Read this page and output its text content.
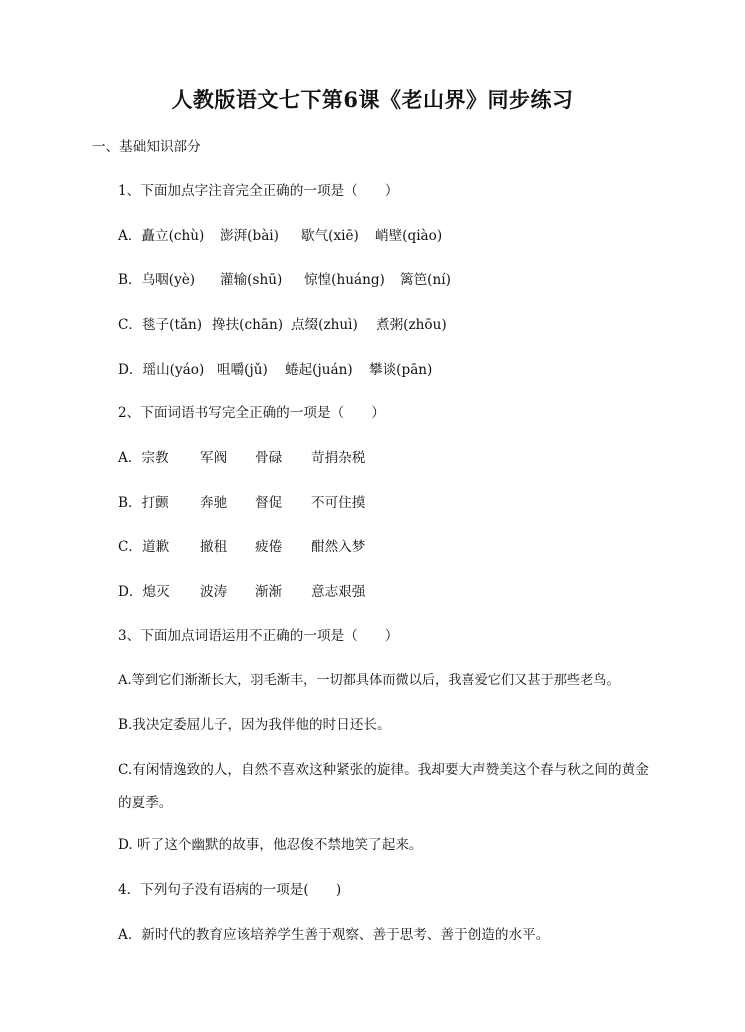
人教版语文七下第6课《老山界》同步练习
一、基础知识部分
1、下面加点字注音完全正确的一项是（　　）
A．矗立(chù) 澎湃(bài) 歇气(xiē) 峭壁(qiào)
B．乌咽(yè) 灌输(shū) 惊惶(huáng) 篱笆(ní)
C．毯子(tǎn) 搀扶(chān) 点缀(zhuì) 煮粥(zhōu)
D．瑶山(yáo) 咀嚼(jǔ) 蜷起(juán) 攀谈(pān)
2、下面词语书写完全正确的一项是（　　）
A．宗教 军阀 骨碌 苛捐杂税
B．打颤 奔驰 督促 不可住摸
C．道歉 撤租 疲倦 酣然入梦
D．熄灭 波涛 渐渐 意志艰强
3、下面加点词语运用不正确的一项是（　　）
A.等到它们渐渐长大，羽毛渐丰，一切都具体而微以后，我喜爱它们又甚于那些老鸟。
B.我决定委屈儿子，因为我伴他的时日还长。
C.有闲情逸致的人，自然不喜欢这种紧张的旋律。我却要大声赞美这个春与秋之间的黄金的夏季。
D. 听了这个幽默的故事，他忍俊不禁地笑了起来。
4．下列句子没有语病的一项是(　　)
A．新时代的教育应该培养学生善于观察、善于思考、善于创造的水平。
